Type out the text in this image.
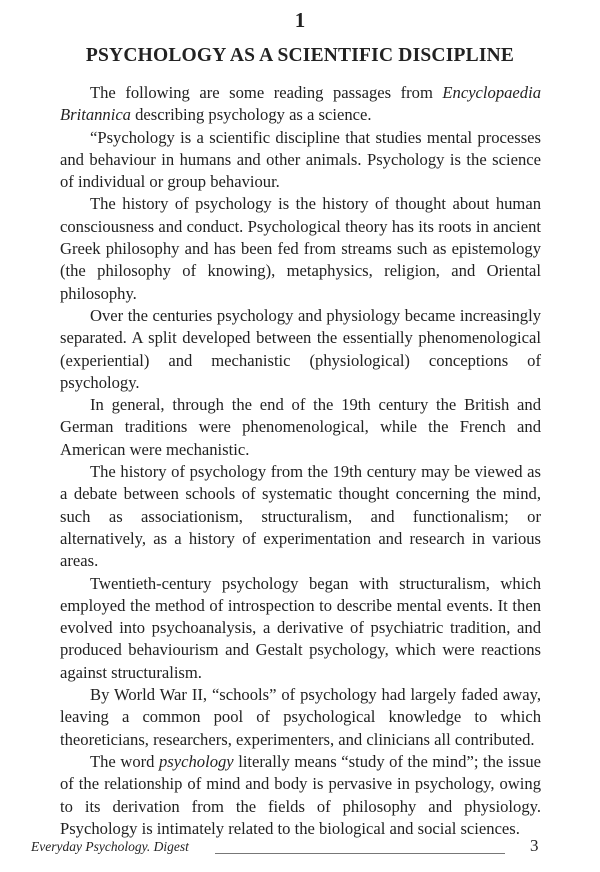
1
PSYCHOLOGY AS A SCIENTIFIC DISCIPLINE

The following are some reading passages from Encyclopaedia Britannica describing psychology as a science.

“Psychology is a scientific discipline that studies mental processes and behaviour in humans and other animals. Psychology is the science of individual or group behaviour.

The history of psychology is the history of thought about human consciousness and conduct. Psychological theory has its roots in ancient Greek philosophy and has been fed from streams such as epistemology (the philosophy of knowing), metaphysics, religion, and Oriental philosophy.

Over the centuries psychology and physiology became increasingly separated. A split developed between the essentially phenomenological (experiential) and mechanistic (physiological) conceptions of psychology.

In general, through the end of the 19th century the British and German traditions were phenomenological, while the French and American were mechanistic.

The history of psychology from the 19th century may be viewed as a debate between schools of systematic thought concerning the mind, such as associationism, structuralism, and functionalism; or alternatively, as a history of experimentation and research in various areas.

Twentieth-century psychology began with structuralism, which employed the method of introspection to describe mental events. It then evolved into psychoanalysis, a derivative of psychiatric tradition, and produced behaviourism and Gestalt psychology, which were reactions against structuralism.

By World War II, “schools” of psychology had largely faded away, leaving a common pool of psychological knowledge to which theoreticians, researchers, experimenters, and clinicians all contributed.

The word psychology literally means “study of the mind”; the issue of the relationship of mind and body is pervasive in psychology, owing to its derivation from the fields of philosophy and physiology. Psychology is intimately related to the biological and social sciences.

Everyday Psychology. Digest	3
